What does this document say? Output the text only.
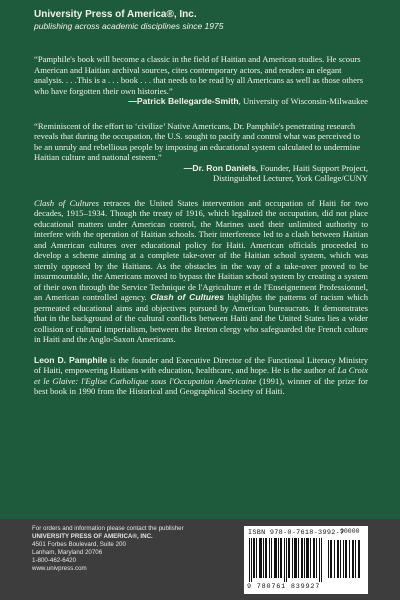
University Press of America®, Inc.
publishing across academic disciplines since 1975
“Pamphile's book will become a classic in the field of Haitian and American studies. He scours American and Haitian archival sources, cites contemporary actors, and renders an elegant analysis. . . .This is a . . . book . . . that needs to be read by all Americans as well as those others who have forgotten their own histories.”
—Patrick Bellegarde-Smith, University of Wisconsin-Milwaukee
“Reminiscent of the effort to ‘civilize’ Native Americans, Dr. Pamphile's penetrating research reveals that during the occupation, the U.S. sought to pacify and control what was perceived to be an unruly and rebellious people by imposing an educational system calculated to undermine Haitian culture and national esteem.”
—Dr. Ron Daniels, Founder, Haiti Support Project,
Distinguished Lecturer, York College/CUNY
Clash of Cultures retraces the United States intervention and occupation of Haiti for two decades, 1915–1934. Though the treaty of 1916, which legalized the occupation, did not place educational matters under American control, the Marines used their unlimited authority to interfere with the operation of Haitian schools. Their interference led to a clash between Haitian and American cultures over educational policy for Haiti. American officials proceeded to develop a scheme aiming at a complete take-over of the Haitian school system, which was sternly opposed by the Haitians. As the obstacles in the way of a take-over proved to be insurmountable, the Americans moved to bypass the Haitian school system by creating a system of their own through the Service Technique de l'Agriculture et de l'Enseignement Professionnel, an American controlled agency. Clash of Cultures highlights the patterns of racism which permeated educational aims and objectives pursued by American bureaucrats. It demonstrates that in the background of the cultural conflicts between Haiti and the United States lies a wider collision of cultural imperialism, between the Breton clergy who safeguarded the French culture in Haiti and the Anglo-Saxon Americans.
Leon D. Pamphile is the founder and Executive Director of the Functional Literacy Ministry of Haiti, empowering Haitians with education, healthcare, and hope. He is the author of La Croix et le Glaive: l'Eglise Catholique sous l'Occupation Américaine (1991), winner of the prize for best book in 1990 from the Historical and Geographical Society of Haiti.
For orders and information please contact the publisher
UNIVERSITY PRESS OF AMERICA®, INC.
4501 Forbes Boulevard, Suite 200
Lanham, Maryland 20706
1-800-462-6420
www.univpress.com
ISBN 978-0-7618-3992-7
90000
9 780761 839927
